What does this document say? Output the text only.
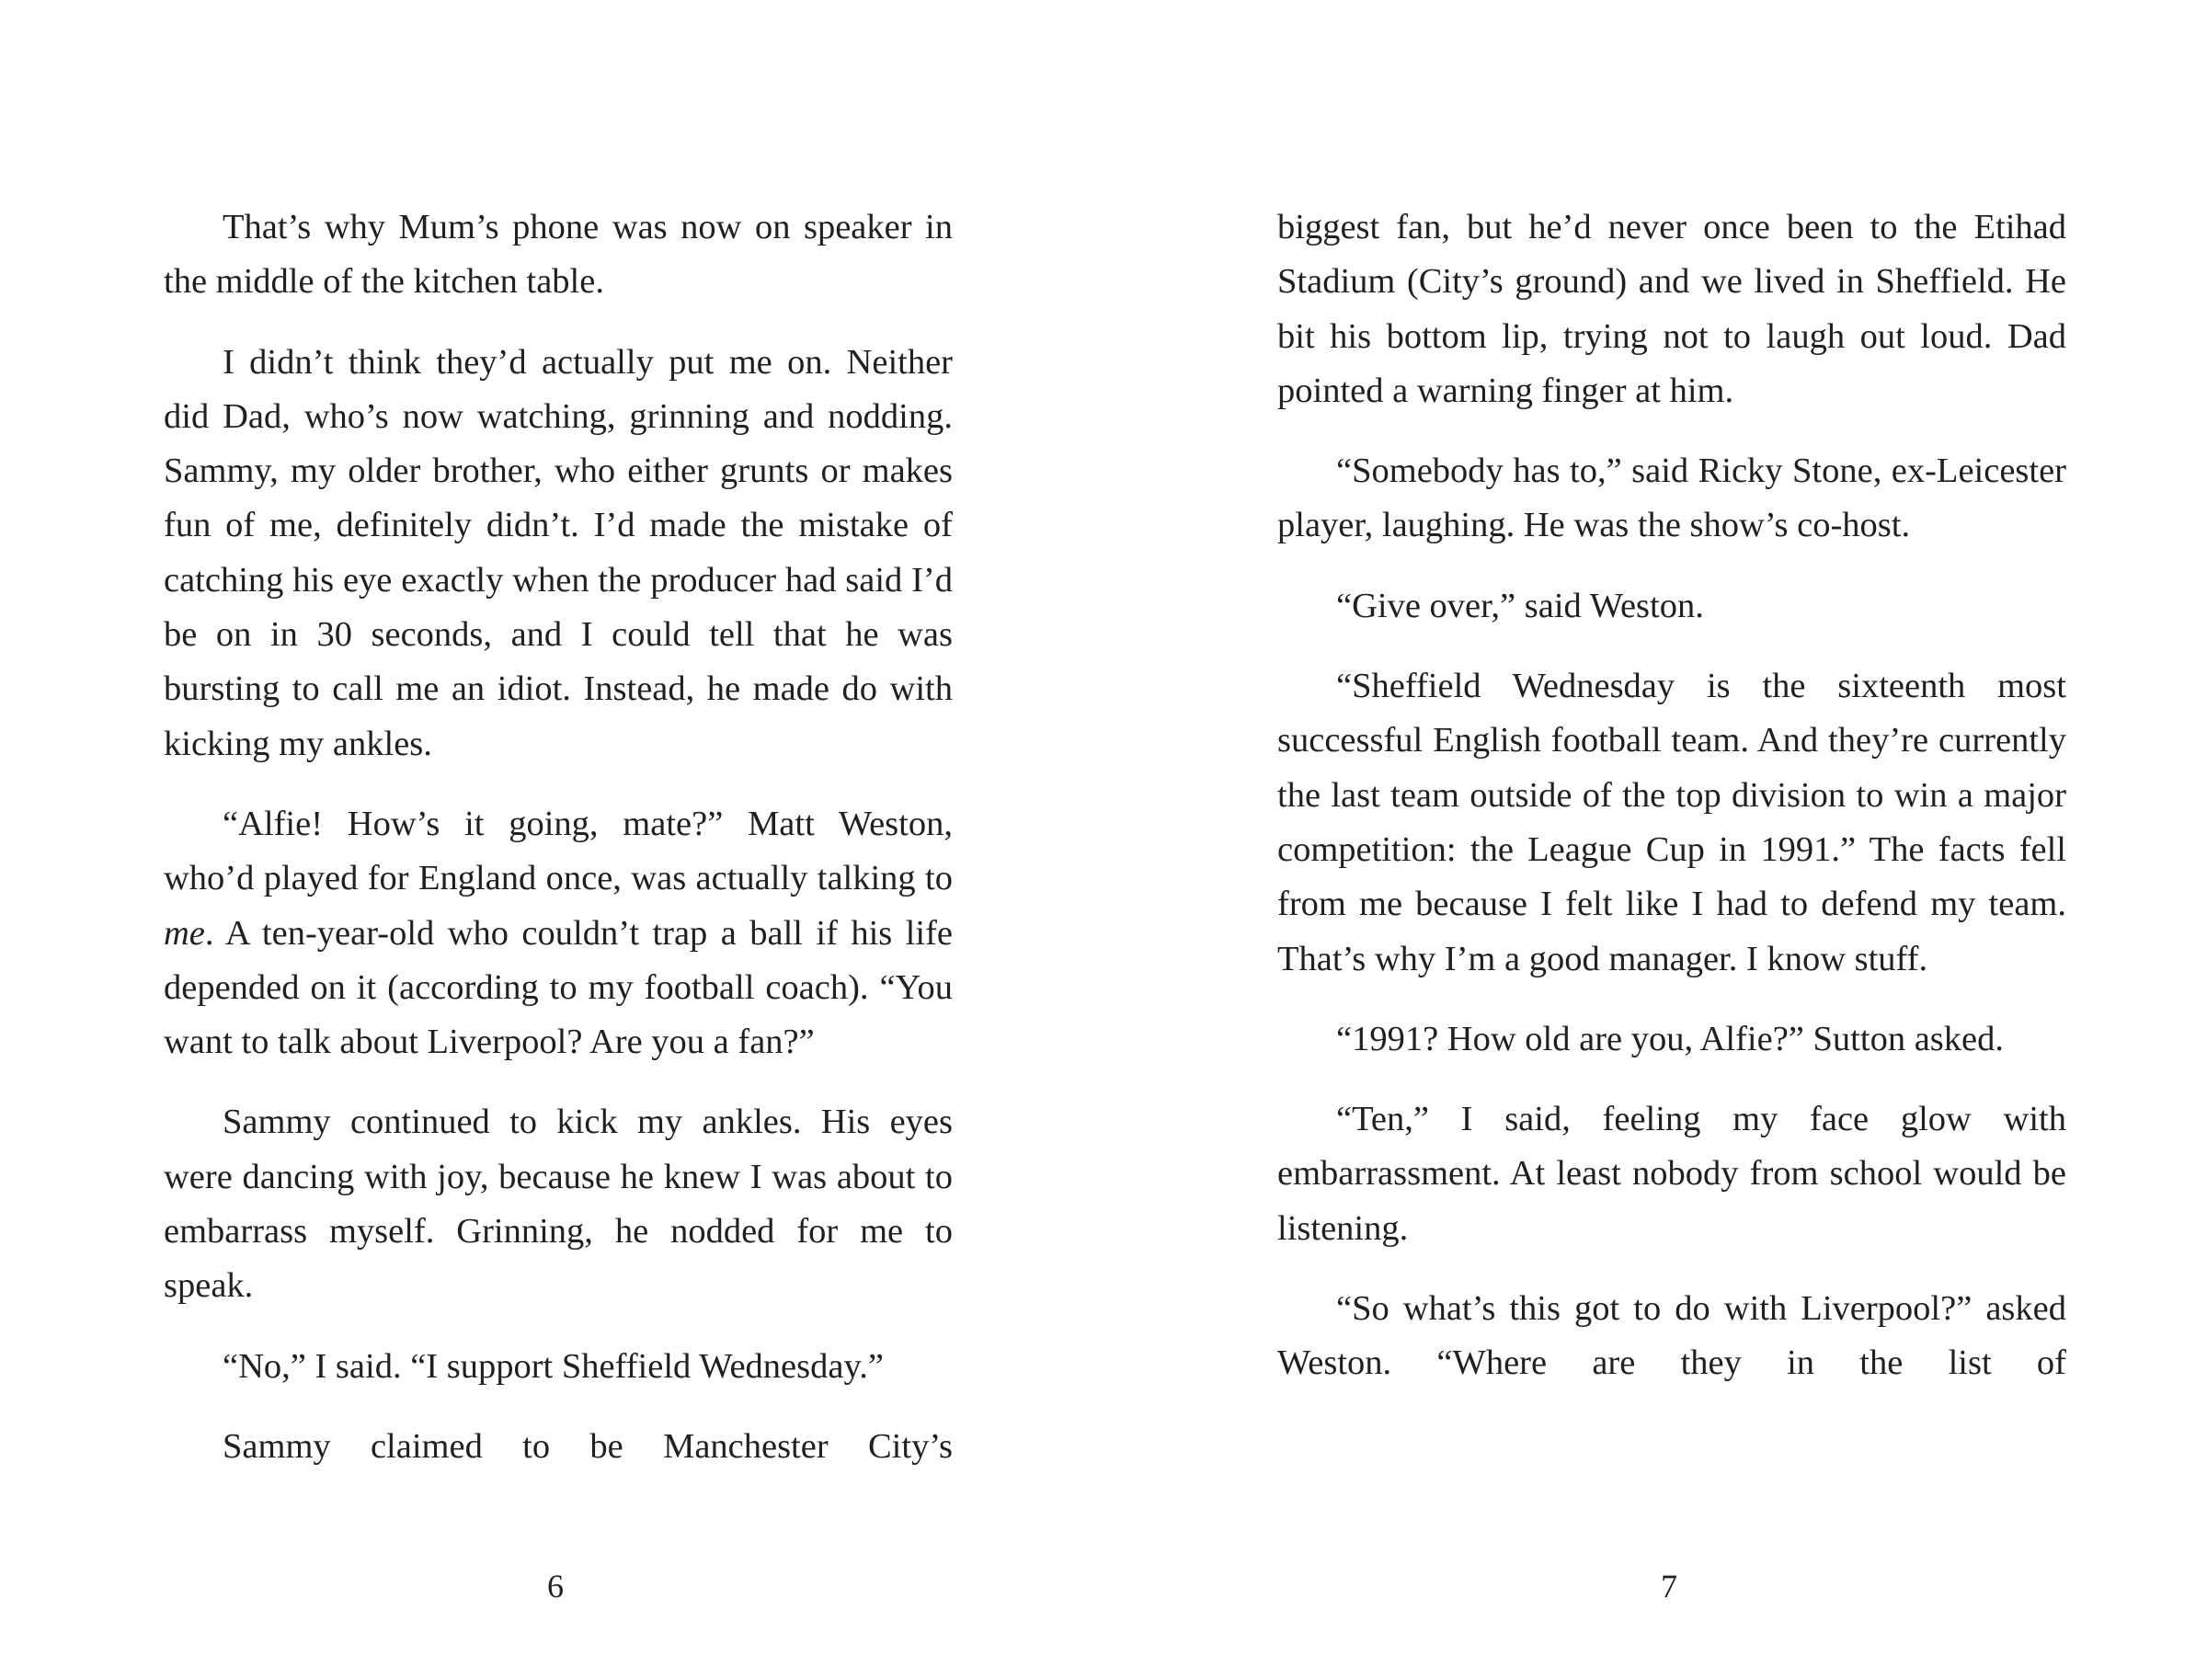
That’s why Mum’s phone was now on speaker in the middle of the kitchen table.

I didn’t think they’d actually put me on. Neither did Dad, who’s now watching, grinning and nodding. Sammy, my older brother, who either grunts or makes fun of me, definitely didn’t. I’d made the mistake of catching his eye exactly when the producer had said I’d be on in 30 seconds, and I could tell that he was bursting to call me an idiot. Instead, he made do with kicking my ankles.

“Alfie! How’s it going, mate?” Matt Weston, who’d played for England once, was actually talking to me. A ten-year-old who couldn’t trap a ball if his life depended on it (according to my football coach). “You want to talk about Liverpool? Are you a fan?”

Sammy continued to kick my ankles. His eyes were dancing with joy, because he knew I was about to embarrass myself. Grinning, he nodded for me to speak.

“No,” I said. “I support Sheffield Wednesday.”

Sammy claimed to be Manchester City’s

6

biggest fan, but he’d never once been to the Etihad Stadium (City’s ground) and we lived in Sheffield. He bit his bottom lip, trying not to laugh out loud. Dad pointed a warning finger at him.

“Somebody has to,” said Ricky Stone, ex-Leicester player, laughing. He was the show’s co-host.

“Give over,” said Weston.

“Sheffield Wednesday is the sixteenth most successful English football team. And they’re currently the last team outside of the top division to win a major competition: the League Cup in 1991.” The facts fell from me because I felt like I had to defend my team. That’s why I’m a good manager. I know stuff.

“1991? How old are you, Alfie?” Sutton asked.

“Ten,” I said, feeling my face glow with embarrassment. At least nobody from school would be listening.

“So what’s this got to do with Liverpool?” asked Weston. “Where are they in the list of

7
